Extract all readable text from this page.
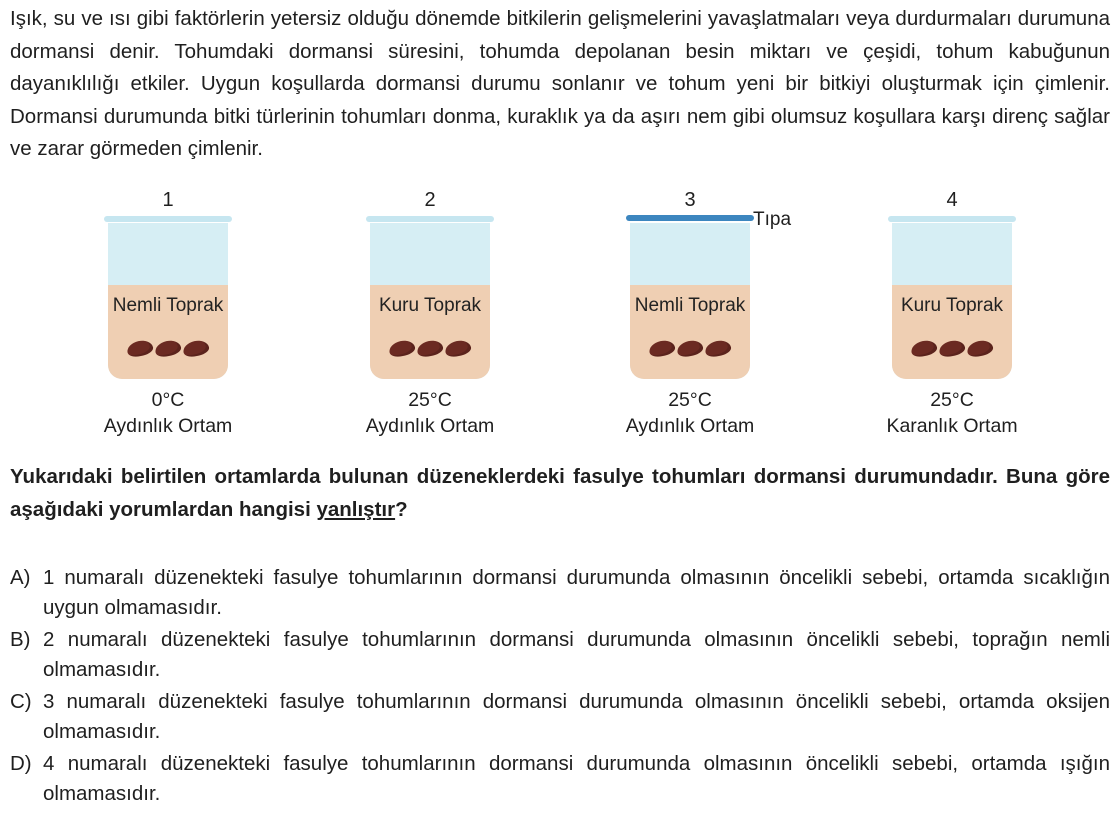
Işık, su ve ısı gibi faktörlerin yetersiz olduğu dönemde bitkilerin gelişmelerini yavaşlatmaları veya durdurmaları durumuna dormansi denir. Tohumdaki dormansi süresini, tohumda depolanan besin miktarı ve çeşidi, tohum kabuğunun dayanıklılığı etkiler. Uygun koşullarda dormansi durumu sonlanır ve tohum yeni bir bitkiyi oluşturmak için çimlenir. Dormansi durumunda bitki türlerinin tohumları donma, kuraklık ya da aşırı nem gibi olumsuz koşullara karşı direnç sağlar ve zarar görmeden çimlenir.

1
Nemli Toprak
0°C
Aydınlık Ortam
2
Kuru Toprak
25°C
Aydınlık Ortam
3
Nemli Toprak
Tıpa
25°C
Aydınlık Ortam
4
Kuru Toprak
25°C
Karanlık Ortam

Yukarıdaki belirtilen ortamlarda bulunan düzeneklerdeki fasulye tohumları dormansi durumundadır. Buna göre aşağıdaki yorumlardan hangisi yanlıştır?

A) 1 numaralı düzenekteki fasulye tohumlarının dormansi durumunda olmasının öncelikli sebebi, ortamda sıcaklığın uygun olmamasıdır.
B) 2 numaralı düzenekteki fasulye tohumlarının dormansi durumunda olmasının öncelikli sebebi, toprağın nemli olmamasıdır.
C) 3 numaralı düzenekteki fasulye tohumlarının dormansi durumunda olmasının öncelikli sebebi, ortamda oksijen olmamasıdır.
D) 4 numaralı düzenekteki fasulye tohumlarının dormansi durumunda olmasının öncelikli sebebi, ortamda ışığın olmamasıdır.
